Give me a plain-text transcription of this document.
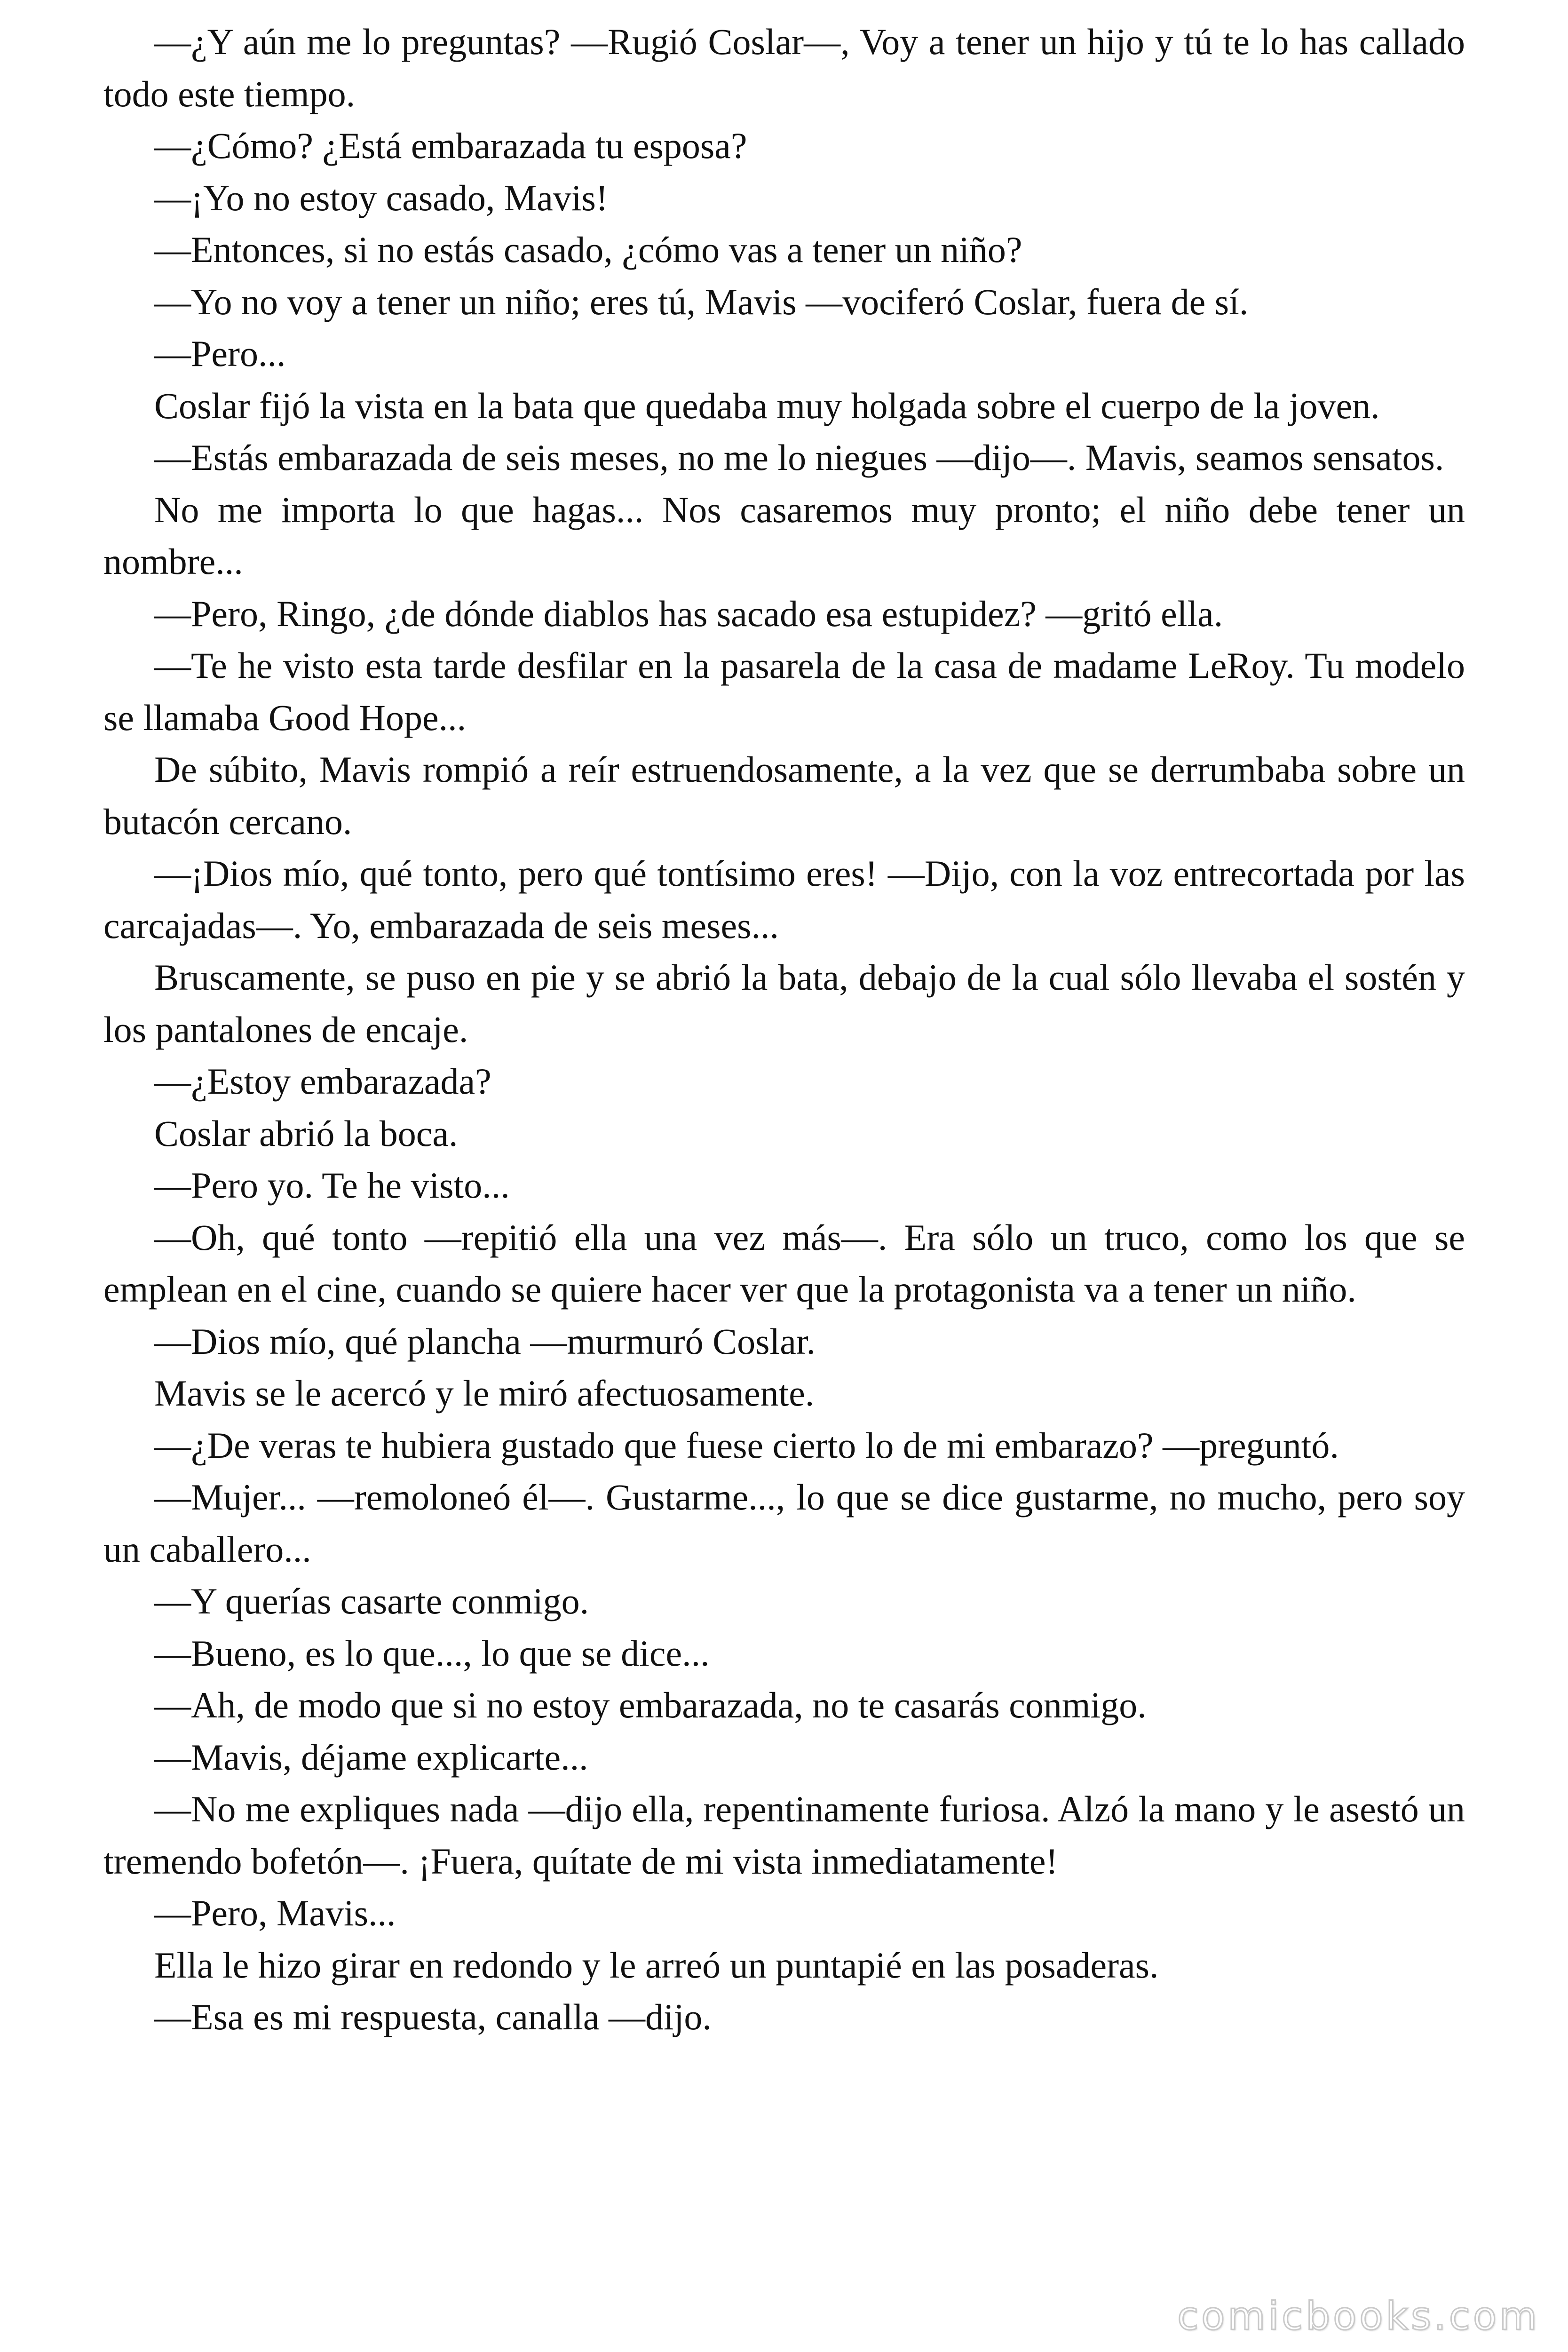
—¿Y aún me lo preguntas? —Rugió Coslar—, Voy a tener un hijo y tú te lo has callado todo este tiempo.

—¿Cómo? ¿Está embarazada tu esposa?

—¡Yo no estoy casado, Mavis!

—Entonces, si no estás casado, ¿cómo vas a tener un niño?

—Yo no voy a tener un niño; eres tú, Mavis —vociferó Coslar, fuera de sí.

—Pero...

Coslar fijó la vista en la bata que quedaba muy holgada sobre el cuerpo de la joven.

—Estás embarazada de seis meses, no me lo niegues —dijo—. Mavis, seamos sensatos.

No me importa lo que hagas... Nos casaremos muy pronto; el niño debe tener un nombre...

—Pero, Ringo, ¿de dónde diablos has sacado esa estupidez? —gritó ella.

—Te he visto esta tarde desfilar en la pasarela de la casa de madame LeRoy. Tu modelo se llamaba Good Hope...

De súbito, Mavis rompió a reír estruendosamente, a la vez que se derrumbaba sobre un butacón cercano.

—¡Dios mío, qué tonto, pero qué tontísimo eres! —Dijo, con la voz entrecortada por las carcajadas—. Yo, embarazada de seis meses...

Bruscamente, se puso en pie y se abrió la bata, debajo de la cual sólo llevaba el sostén y los pantalones de encaje.

—¿Estoy embarazada?

Coslar abrió la boca.

—Pero yo. Te he visto...

—Oh, qué tonto —repitió ella una vez más—. Era sólo un truco, como los que se emplean en el cine, cuando se quiere hacer ver que la protagonista va a tener un niño.

—Dios mío, qué plancha —murmuró Coslar.

Mavis se le acercó y le miró afectuosamente.

—¿De veras te hubiera gustado que fuese cierto lo de mi embarazo? —preguntó.

—Mujer... —remoloneó él—. Gustarme..., lo que se dice gustarme, no mucho, pero soy un caballero...

—Y querías casarte conmigo.

—Bueno, es lo que..., lo que se dice...

—Ah, de modo que si no estoy embarazada, no te casarás conmigo.

—Mavis, déjame explicarte...

—No me expliques nada —dijo ella, repentinamente furiosa. Alzó la mano y le asestó un tremendo bofetón—. ¡Fuera, quítate de mi vista inmediatamente!

—Pero, Mavis...

Ella le hizo girar en redondo y le arreó un puntapié en las posaderas.

—Esa es mi respuesta, canalla —dijo.

comicbooks.com
